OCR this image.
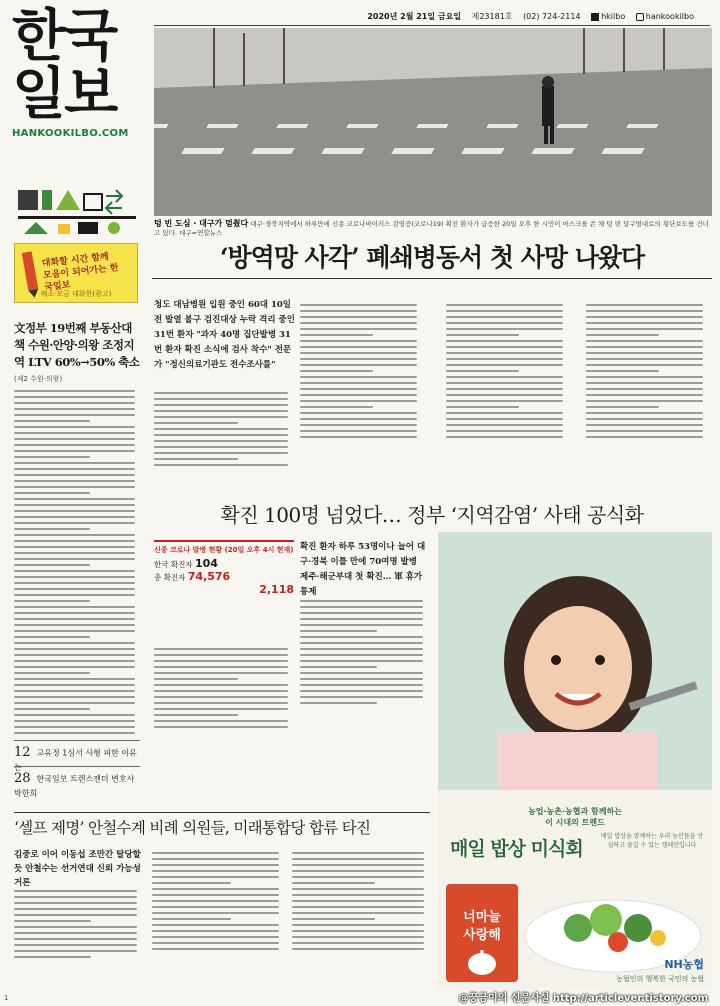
한국
일보
HANKOOKILBO.COM
대화할 시간 함께 모음이 되어가는 한국일보
해소·모금 대화한(광고)
2020년 2월 21일 금요일 제23181호 (02) 724-2114	hkilbo	hankookilbo
텅 빈 도심 · 대구가 멈췄다 대구·경북지역에서 하루만에 신종 코로나바이러스 감염증(코로나19) 확진 환자가 급증한 20일 오후 한 시민이 마스크를 쓴 채 텅 빈 달구벌대로의 횡단보도를 건너고 있다. 대구=연합뉴스
‘방역망 사각’ 폐쇄병동서 첫 사망 나왔다
文정부 19번째 부동산대책 수원·안양·의왕 조정지역 LTV 60%→50% 축소
(제2 수원·의왕)
12 고유정 1심서 사형 피한 이유는
28 한국일보 트렌스젠더 변호사 박한희
청도 대남병원 입원 중인 60대 10일 전 발열 불구 검진대상 누락 격리 중인 31번 환자 "과자 40명 집단발병 31번 환자 확진 소식에 검사 착수" 전문가 "정신의료기관도 전수조사를"
확진 100명 넘었다… 정부 ‘지역감염’ 사태 공식화
신종 코로나 발병 현황 (20일 오후 4시 현재)
한국 확진자 104
총 확진자 74,576
2,118
확진 환자 하루 53명이나 늘어 대구·경북 이틀 만에 70여명 발병 제주·해군부대 첫 확진… 軍 휴가 통제
농업·농촌·농협과 함께하는
이 시대의 트렌드
매일 밥상 미식회
매일 밥상을 함께하는 우리 농산물을 안심하고 즐길 수 있는 캠페인입니다
너마늘
사랑해
NH농협
농협인의 행복한 국민의 농협
‘셀프 제명’ 안철수계 비례 의원들, 미래통합당 합류 타진
김중로 이어 이동섭 조만간 탈당할 듯 안철수는 선거연대 신뢰 가능성 거론
1	@꿍금이의 신문사설 http://articlever.tistory.com
